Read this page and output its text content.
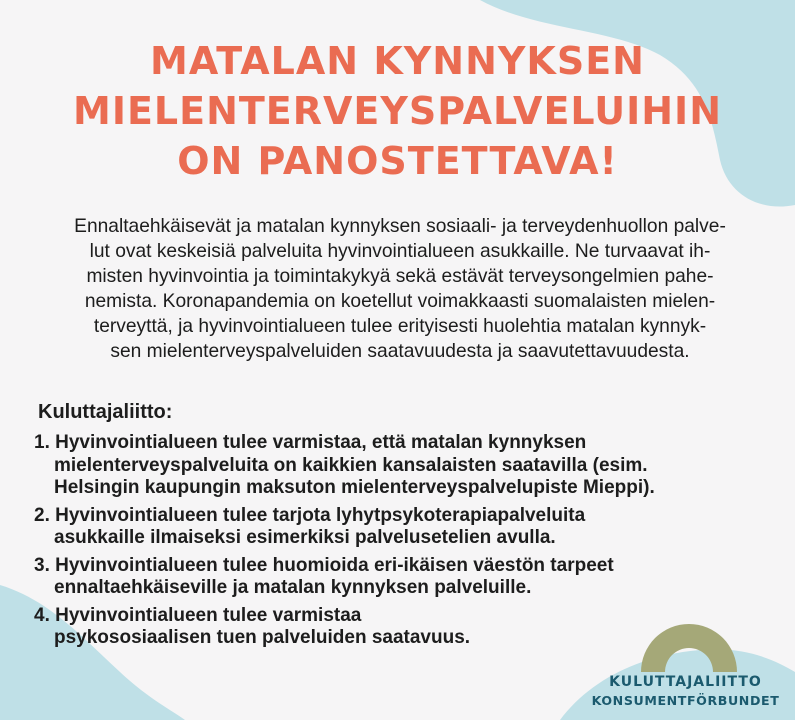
MATALAN KYNNYKSEN
MIELENTERVEYSPALVELUIHIN
ON PANOSTETTAVA!

Ennaltaehkäisevät ja matalan kynnyksen sosiaali- ja terveydenhuollon palve-
lut ovat keskeisiä palveluita hyvinvointialueen asukkaille. Ne turvaavat ih-
misten hyvinvointia ja toimintakykyä sekä estävät terveysongelmien pahe-
nemista. Koronapandemia on koetellut voimakkaasti suomalaisten mielen-
terveyttä, ja hyvinvointialueen tulee erityisesti huolehtia matalan kynnyk-
sen mielenterveyspalveluiden saatavuudesta ja saavutettavuudesta.

Kuluttajaliitto:

1. Hyvinvointialueen tulee varmistaa, että matalan kynnyksen
mielenterveyspalveluita on kaikkien kansalaisten saatavilla (esim.
Helsingin kaupungin maksuton mielenterveyspalvelupiste Mieppi).
2. Hyvinvointialueen tulee tarjota lyhytpsykoterapiapalveluita
asukkaille ilmaiseksi esimerkiksi palvelusetelien avulla.
3. Hyvinvointialueen tulee huomioida eri-ikäisen väestön tarpeet
ennaltaehkäiseville ja matalan kynnyksen palveluille.
4. Hyvinvointialueen tulee varmistaa
psykososiaalisen tuen palveluiden saatavuus.
KULUTTAJALIITTO
KONSUMENTFÖRBUNDET
